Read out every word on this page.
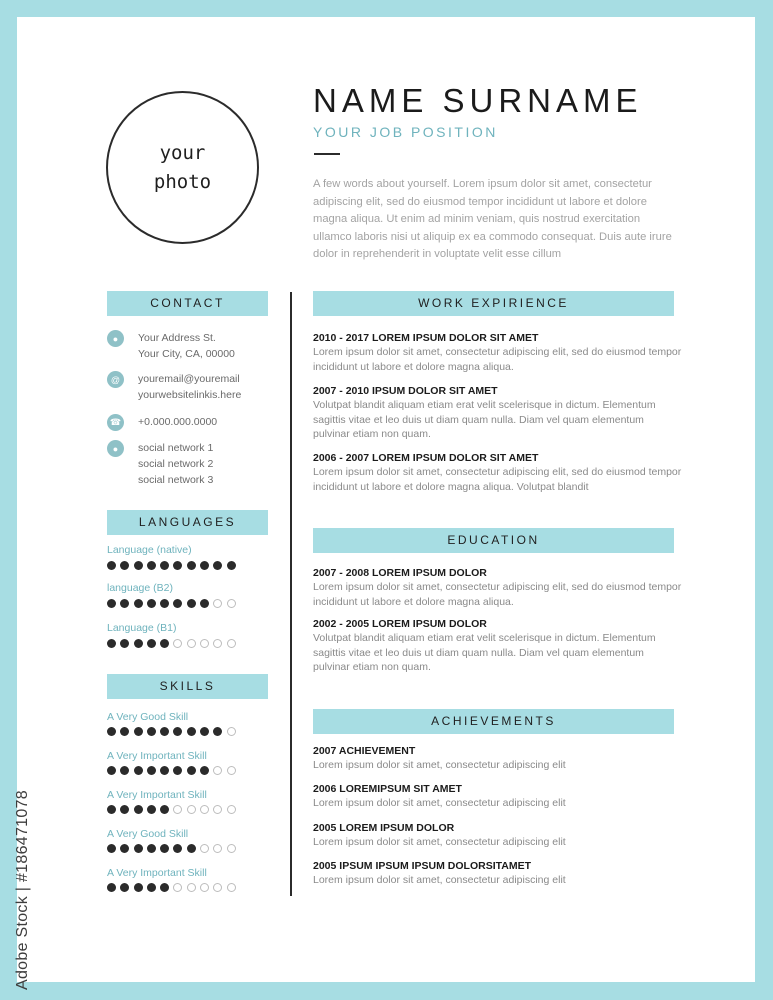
your
photo
NAME SURNAME
YOUR JOB POSITION
A few words about yourself. Lorem ipsum dolor sit amet, consectetur adipiscing elit, sed do eiusmod tempor incididunt ut labore et dolore magna aliqua. Ut enim ad minim veniam, quis nostrud exercitation ullamco laboris nisi ut aliquip ex ea commodo consequat. Duis aute irure dolor in reprehenderit in voluptate velit esse cillum
CONTACT
●	Your Address St.
Your City, CA, 00000
@	youremail@youremail
yourwebsitelinkis.here
☎ +0.000.000.0000
●	social network 1
social network 2
social network 3
LANGUAGES
Language (native)
language (B2)
Language (B1)
SKILLS
A Very Good Skill
A Very Important Skill
A Very Important Skill
A Very Good Skill
A Very Important Skill
WORK EXPIRIENCE
2010 - 2017 LOREM IPSUM DOLOR SIT AMET
Lorem ipsum dolor sit amet, consectetur adipiscing elit, sed do eiusmod tempor incididunt ut labore et dolore magna aliqua.
2007 - 2010 IPSUM DOLOR SIT AMET
Volutpat blandit aliquam etiam erat velit scelerisque in dictum. Elementum sagittis vitae et leo duis ut diam quam nulla. Diam vel quam elementum pulvinar etiam non quam.
2006 - 2007 LOREM IPSUM DOLOR SIT AMET
Lorem ipsum dolor sit amet, consectetur adipiscing elit, sed do eiusmod tempor incididunt ut labore et dolore magna aliqua. Volutpat blandit
EDUCATION
2007 - 2008 LOREM IPSUM DOLOR
Lorem ipsum dolor sit amet, consectetur adipiscing elit, sed do eiusmod tempor incididunt ut labore et dolore magna aliqua.
2002 - 2005 LOREM IPSUM DOLOR
Volutpat blandit aliquam etiam erat velit scelerisque in dictum. Elementum sagittis vitae et leo duis ut diam quam nulla. Diam vel quam elementum pulvinar etiam non quam.
ACHIEVEMENTS
2007 ACHIEVEMENT
Lorem ipsum dolor sit amet, consectetur adipiscing elit
2006 LOREMIPSUM SIT AMET
Lorem ipsum dolor sit amet, consectetur adipiscing elit
2005 LOREM IPSUM DOLOR
Lorem ipsum dolor sit amet, consectetur adipiscing elit
2005 IPSUM IPSUM IPSUM DOLORSITAMET
Lorem ipsum dolor sit amet, consectetur adipiscing elit
Adobe Stock | #186471078
